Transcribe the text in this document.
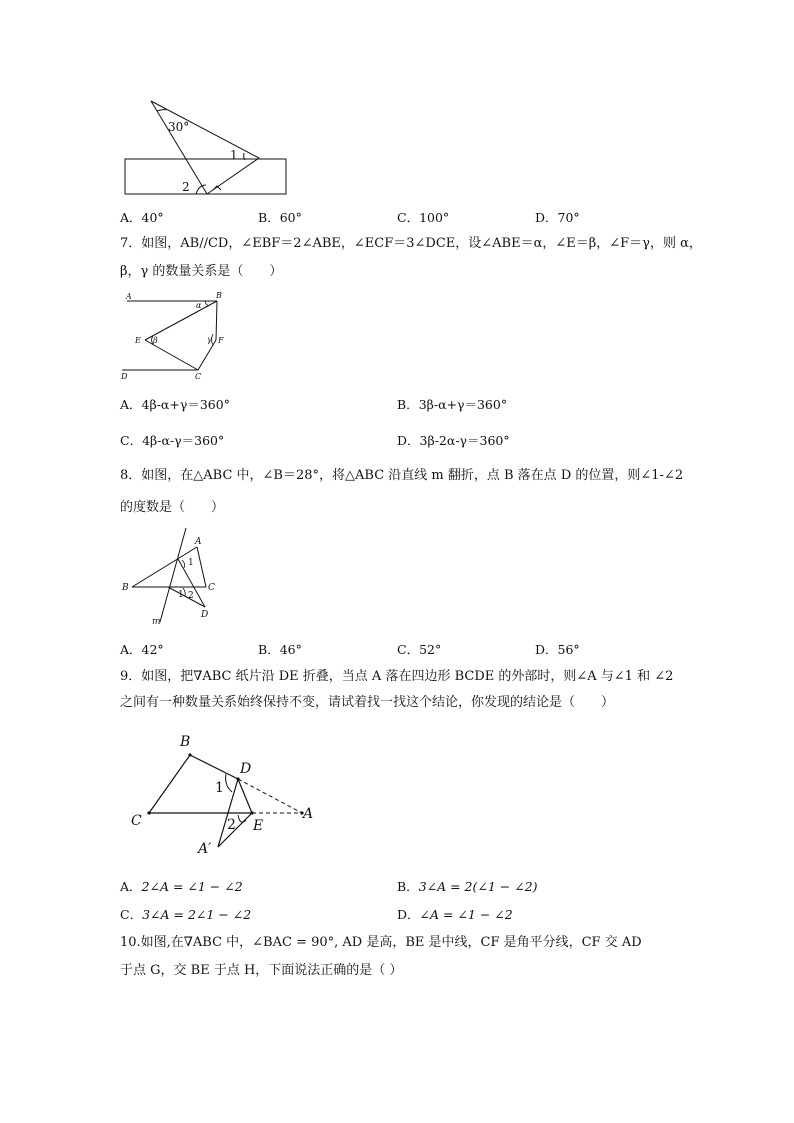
30°
1
2
A．40°	B．60°	C．100°	D．70°
7．如图，AB//CD，∠EBF＝2∠ABE，∠ECF＝3∠DCE，设∠ABE＝α，∠E＝β，∠F＝γ，则 α，
β，γ 的数量关系是（　　）
A	B
E β
α
γ F
D	C
A．4β-α+γ＝360°	B．3β-α+γ＝360°
C．4β-α-γ＝360°	D．3β-2α-γ＝360°
8．如图，在△ABC 中，∠B＝28°，将△ABC 沿直线 m 翻折，点 B 落在点 D 的位置，则∠1-∠2
的度数是（　　）
A
1
B	C
1 2
D
m
A．42°	B．46°	C．52°	D．56°
9．如图，把∇ABC 纸片沿 DE 折叠，当点 A 落在四边形 BCDE 的外部时，则∠A 与∠1 和 ∠2
之间有一种数量关系始终保持不变，请试着找一找这个结论，你发现的结论是（　　）
B
D
1
C	2 E
A
A′
A．2∠A = ∠1 − ∠2	B．3∠A = 2(∠1 − ∠2)
C．3∠A = 2∠1 − ∠2	D．∠A = ∠1 − ∠2
10.如图,在∇ABC 中，∠BAC = 90°, AD 是高，BE 是中线，CF 是角平分线，CF 交 AD
于点 G，交 BE 于点 H，下面说法正确的是（ ）
